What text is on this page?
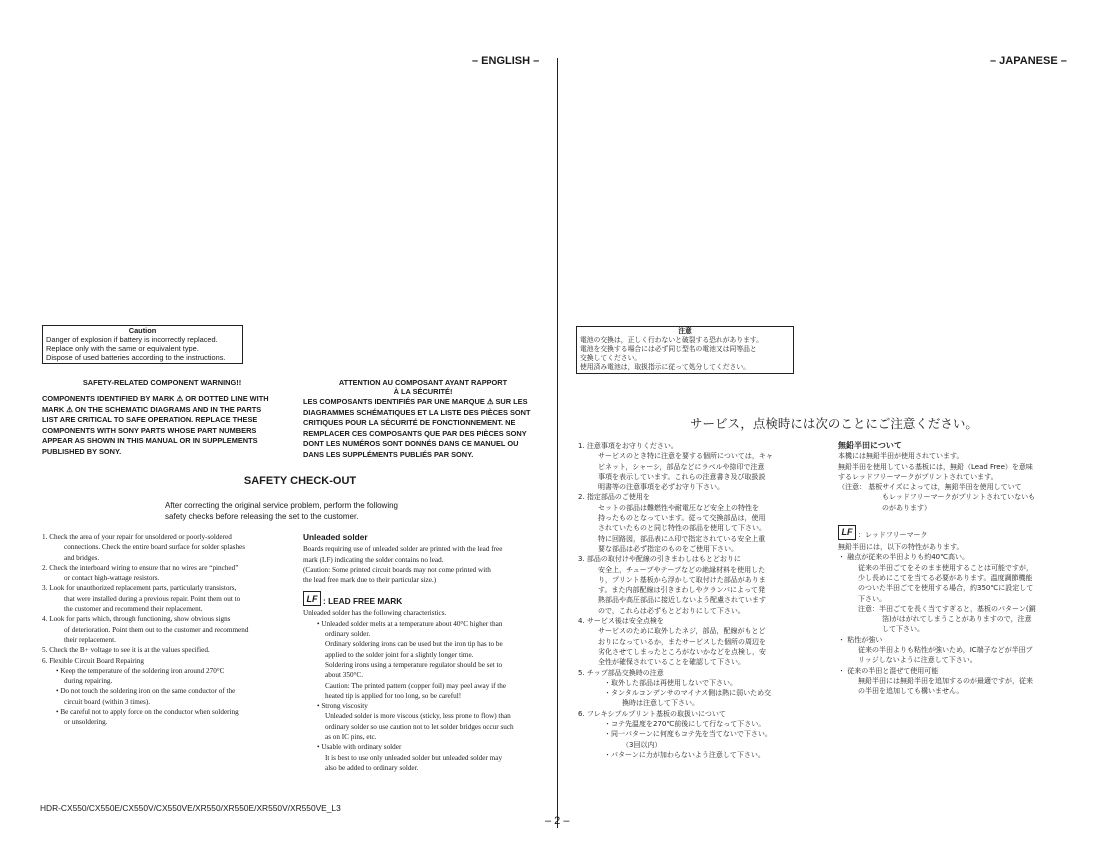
– ENGLISH –	– JAPANESE –
Caution
Danger of explosion if battery is incorrectly replaced.
Replace only with the same or equivalent type.
Dispose of used batteries according to the instructions.
注意
電池の交換は，正しく行わないと破裂する恐れがあります。
電池を交換する場合には必ず同じ型名の電池又は同等品と
交換してください。
使用済み電池は，取扱指示に従って処分してください。
SAFETY-RELATED COMPONENT WARNING!!
COMPONENTS IDENTIFIED BY MARK ⚠ OR DOTTED LINE WITH
MARK ⚠ ON THE SCHEMATIC DIAGRAMS AND IN THE PARTS
LIST ARE CRITICAL TO SAFE OPERATION. REPLACE THESE
COMPONENTS WITH SONY PARTS WHOSE PART NUMBERS
APPEAR AS SHOWN IN THIS MANUAL OR IN SUPPLEMENTS
PUBLISHED BY SONY.
ATTENTION AU COMPOSANT AYANT RAPPORT
À LA SÉCURITÉ!
LES COMPOSANTS IDENTIFIÉS PAR UNE MARQUE ⚠ SUR LES
DIAGRAMMES SCHÉMATIQUES ET LA LISTE DES PIÈCES SONT
CRITIQUES POUR LA SÉCURITÉ DE FONCTIONNEMENT. NE
REMPLACER CES COMPOSANTS QUE PAR DES PIÈCES SONY
DONT LES NUMÉROS SONT DONNÉS DANS CE MANUEL OU
DANS LES SUPPLÉMENTS PUBLIÉS PAR SONY.
SAFETY CHECK-OUT
After correcting the original service problem, perform the following
safety checks before releasing the set to the customer.

1. Check the area of your repair for unsoldered or poorly-soldered

connections. Check the entire board surface for solder splashes

and bridges.

2. Check the interboard wiring to ensure that no wires are “pinched”

or contact high-wattage resistors.

3. Look for unauthorized replacement parts, particularly transistors,

that were installed during a previous repair. Point them out to

the customer and recommend their replacement.

4. Look for parts which, through functioning, show obvious signs

of deterioration. Point them out to the customer and recommend

their replacement.

5. Check the B+ voltage to see it is at the values specified.

6. Flexible Circuit Board Repairing

• Keep the temperature of the soldering iron around 270°C

during repairing.

• Do not touch the soldering iron on the same conductor of the

circuit board (within 3 times).

• Be careful not to apply force on the conductor when soldering

or unsoldering.

Unleaded solder

Boards requiring use of unleaded solder are printed with the lead free

mark (LF) indicating the solder contains no lead.

(Caution: Some printed circuit boards may not come printed with

the lead free mark due to their particular size.)

LF : LEAD FREE MARK

Unleaded solder has the following characteristics.

• Unleaded solder melts at a temperature about 40°C higher than

ordinary solder.

Ordinary soldering irons can be used but the iron tip has to be

applied to the solder joint for a slightly longer time.

Soldering irons using a temperature regulator should be set to

about 350°C.

Caution: The printed pattern (copper foil) may peel away if the

heated tip is applied for too long, so be careful!

• Strong viscosity

Unleaded solder is more viscous (sticky, less prone to flow) than

ordinary solder so use caution not to let solder bridges occur such

as on IC pins, etc.

• Usable with ordinary solder

It is best to use only unleaded solder but unleaded solder may

also be added to ordinary solder.

サービス，点検時には次のことにご注意ください。

1. 注意事項をお守りください。

サービスのとき特に注意を要する個所については，キャ

ビネット，シャーシ，部品などにラベルや捺印で注意

事項を表示しています。これらの注意書き及び取扱説

明書等の注意事項を必ずお守り下さい。

2. 指定部品のご使用を

セットの部品は難燃性や耐電圧など安全上の特性を

持ったものとなっています。従って交換部品は，使用

されていたものと同じ特性の部品を使用して下さい。

特に回路図，部品表に⚠印で指定されている安全上重

要な部品は必ず指定のものをご使用下さい。

3. 部品の取付けや配線の引きまわしはもとどおりに

安全上，チューブやテープなどの絶縁材料を使用した

り，プリント基板から浮かして取付けた部品がありま

す。また内部配線は引きまわしやクランパによって発

熱部品や高圧部品に接近しないよう配慮されています

ので，これらは必ずもとどおりにして下さい。

4. サービス後は安全点検を

サービスのために取外したネジ，部品，配線がもとど

おりになっているか，またサービスした個所の周辺を

劣化させてしまったところがないかなどを点検し，安

全性が確保されていることを確認して下さい。

5. チップ部品交換時の注意

・取外した部品は再使用しないで下さい。

・タンタルコンデンサのマイナス側は熱に弱いため交

換時は注意して下さい。

6. フレキシブルプリント基板の取扱いについて

・コテ先温度を270℃前後にして行なって下さい。

・同一パターンに何度もコテ先を当てないで下さい。

（3回以内）

・パターンに力が加わらないよう注意して下さい。

無鉛半田について

本機には無鉛半田が使用されています。

無鉛半田を使用している基板には，無鉛（Lead Free）を意味

するレッドフリーマークがプリントされています。

（注意： 基板サイズによっては，無鉛半田を使用していて

もレッドフリーマークがプリントされていないも

のがあります）

LF ：レッドフリーマーク

無鉛半田には，以下の特性があります。

・ 融点が従来の半田よりも約40℃高い。

従来の半田ごてをそのまま使用することは可能ですが，

少し長めにこてを当てる必要があります。温度調節機能

のついた半田ごてを使用する場合，約350℃に設定して

下さい。

注意：半田ごてを長く当てすぎると，基板のパターン(銅

箔)がはがれてしまうことがありますので，注意

して下さい。

・ 粘性が強い

従来の半田よりも粘性が強いため，IC端子などが半田ブ

リッジしないように注意して下さい。

・ 従来の半田と混ぜて使用可能

無鉛半田には無鉛半田を追加するのが最適ですが，従来

の半田を追加しても構いません。

HDR-CX550/CX550E/CX550V/CX550VE/XR550/XR550E/XR550V/XR550VE_L3
– 2 –
